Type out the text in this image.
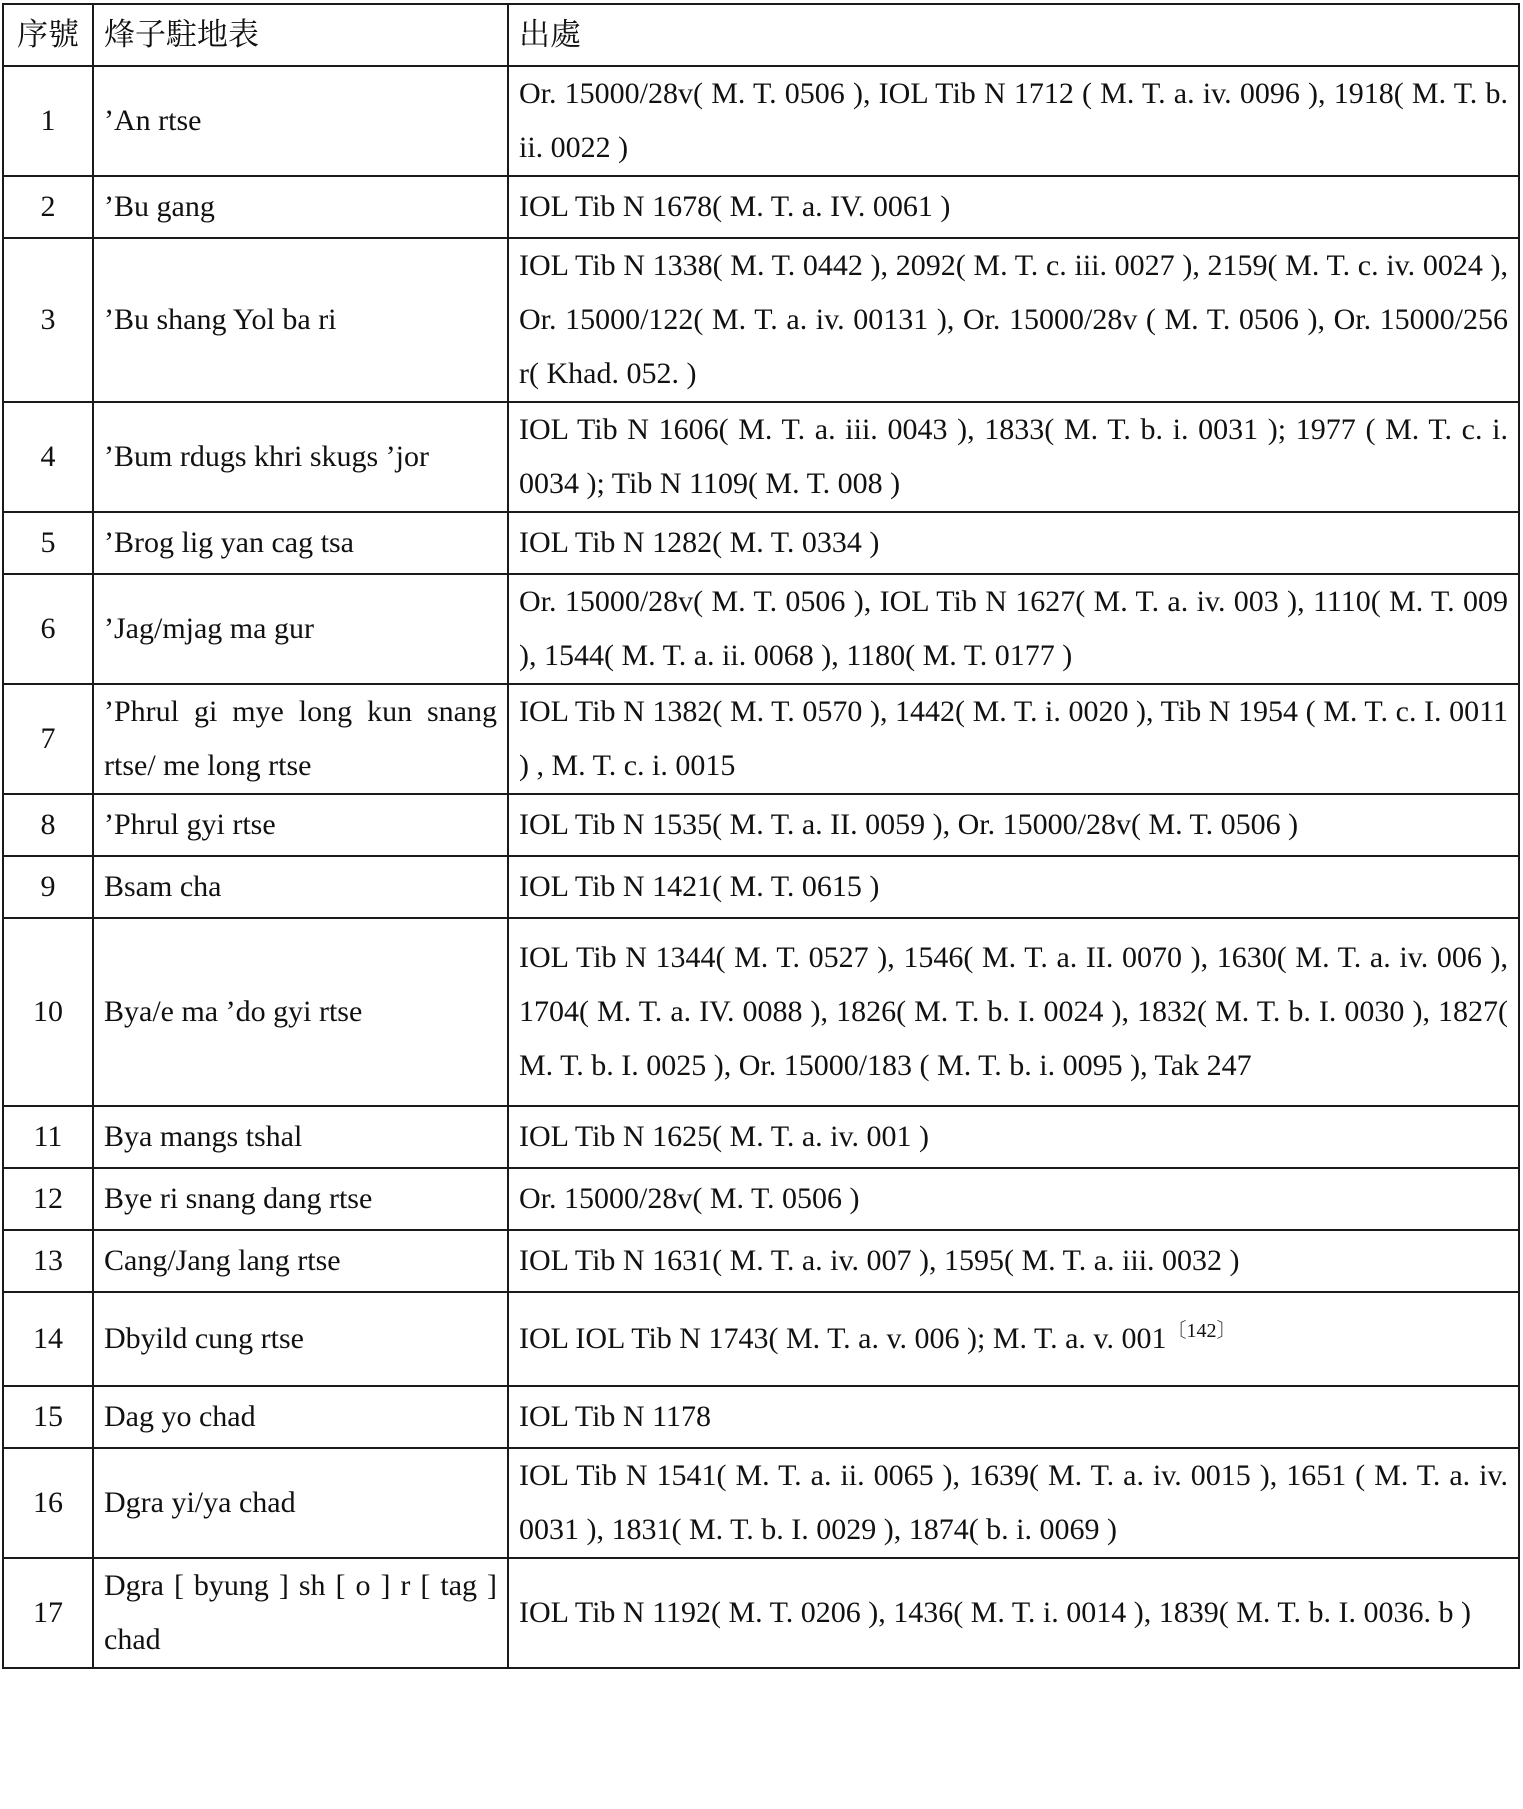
序號	烽子駐地表	出處
1	’An rtse	Or. 15000/28v( M. T. 0506 ), IOL Tib N 1712 ( M. T. a. iv. 0096 ), 1918( M. T. b. ii. 0022 )
2	’Bu gang	IOL Tib N 1678( M. T. a. IV. 0061 )
3	’Bu shang Yol ba ri	IOL Tib N 1338( M. T. 0442 ), 2092( M. T. c. iii. 0027 ), 2159( M. T. c. iv. 0024 ), Or. 15000/122( M. T. a. iv. 00131 ), Or. 15000/28v ( M. T. 0506 ), Or. 15000/256 r( Khad. 052. )
4	’Bum rdugs khri skugs ’jor	IOL Tib N 1606( M. T. a. iii. 0043 ), 1833( M. T. b. i. 0031 ); 1977 ( M. T. c. i. 0034 ); Tib N 1109( M. T. 008 )
5	’Brog lig yan cag tsa	IOL Tib N 1282( M. T. 0334 )
6	’Jag/mjag ma gur	Or. 15000/28v( M. T. 0506 ), IOL Tib N 1627( M. T. a. iv. 003 ), 1110( M. T. 009 ), 1544( M. T. a. ii. 0068 ), 1180( M. T. 0177 )
7	’Phrul gi mye long kun snang rtse/ me long rtse	IOL Tib N 1382( M. T. 0570 ), 1442( M. T. i. 0020 ), Tib N 1954 ( M. T. c. I. 0011 ) , M. T. c. i. 0015
8	’Phrul gyi rtse	IOL Tib N 1535( M. T. a. II. 0059 ), Or. 15000/28v( M. T. 0506 )
9	Bsam cha	IOL Tib N 1421( M. T. 0615 )
10	Bya/e ma ’do gyi rtse	IOL Tib N 1344( M. T. 0527 ), 1546( M. T. a. II. 0070 ), 1630( M. T. a. iv. 006 ), 1704( M. T. a. IV. 0088 ), 1826( M. T. b. I. 0024 ), 1832( M. T. b. I. 0030 ), 1827( M. T. b. I. 0025 ), Or. 15000/183 ( M. T. b. i. 0095 ), Tak 247
11	Bya mangs tshal	IOL Tib N 1625( M. T. a. iv. 001 )
12	Bye ri snang dang rtse	Or. 15000/28v( M. T. 0506 )
13	Cang/Jang lang rtse	IOL Tib N 1631( M. T. a. iv. 007 ), 1595( M. T. a. iii. 0032 )
14	Dbyild cung rtse	IOL IOL Tib N 1743( M. T. a. v. 006 ); M. T. a. v. $001^{〔142〕}$
15	Dag yo chad	IOL Tib N 1178
16	Dgra yi/ya chad	IOL Tib N 1541( M. T. a. ii. 0065 ), 1639( M. T. a. iv. 0015 ), 1651 ( M. T. a. iv. 0031 ), 1831( M. T. b. I. 0029 ), 1874( b. i. 0069 )
17	Dgra [ byung ] sh [ o ] r [ tag ] chad	IOL Tib N 1192( M. T. 0206 ), 1436( M. T. i. 0014 ), 1839( M. T. b. I. 0036. b )
